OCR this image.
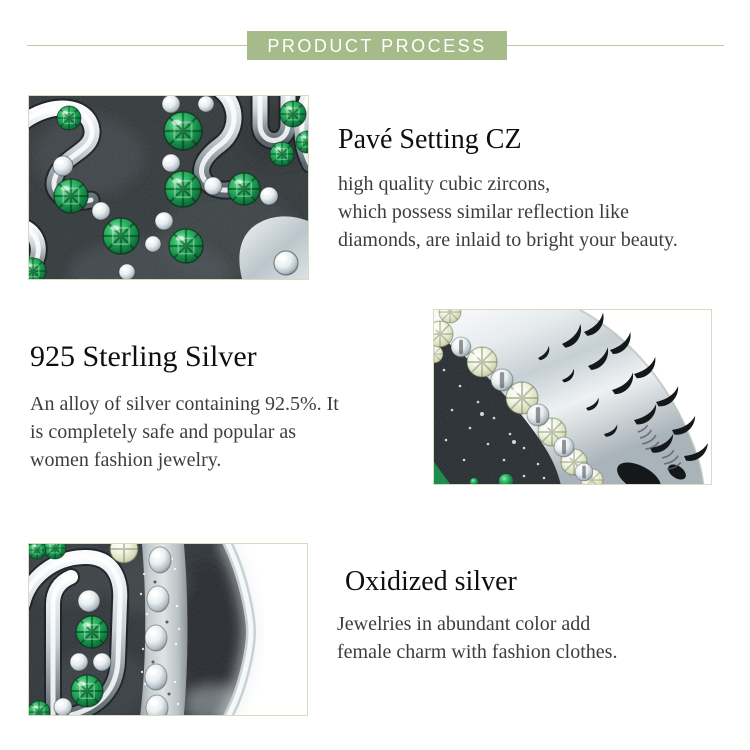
PRODUCT PROCESS
Pavé Setting CZ
high quality cubic zircons,
which possess similar reflection like
diamonds, are inlaid to bright your beauty.
925 Sterling Silver
An alloy of silver containing 92.5%. It
is completely safe and popular as
women fashion jewelry.
Oxidized silver
Jewelries in abundant color add
female charm with fashion clothes.
